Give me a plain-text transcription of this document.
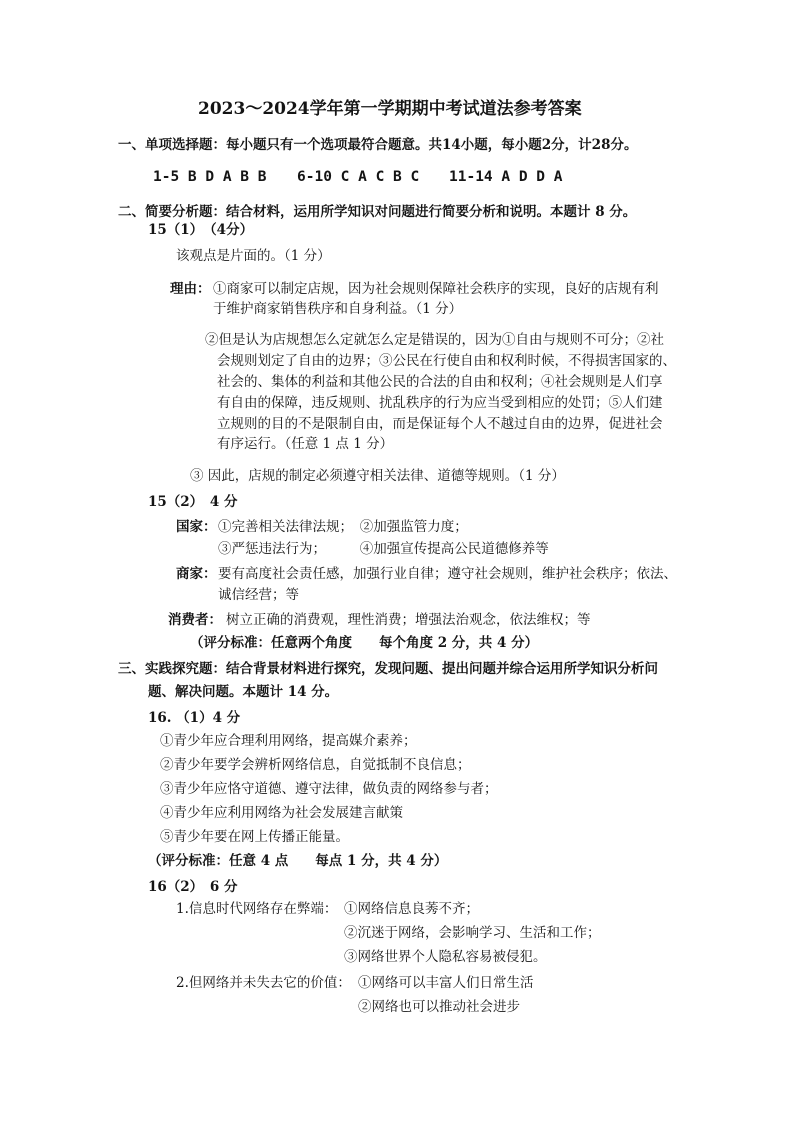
2023～2024学年第一学期期中考试道法参考答案
一、单项选择题：每小题只有一个选项最符合题意。共14小题，每小题2分，计28分。
1-5 B D A B B 6-10 C A C B C 11-14 A D D A
二、简要分析题：结合材料，运用所学知识对问题进行简要分析和说明。本题计 8 分。
15（1）　（4分）
该观点是片面的。（1 分）
理由： ①商家可以制定店规，因为社会规则保障社会秩序的实现，良好的店规有利
于维护商家销售秩序和自身利益。（1 分）
②但是认为店规想怎么定就怎么定是错误的，因为①自由与规则不可分；②社
会规则划定了自由的边界；③公民在行使自由和权利时候，不得损害国家的、
社会的、集体的利益和其他公民的合法的自由和权利；④社会规则是人们享
有自由的保障，违反规则、扰乱秩序的行为应当受到相应的处罚；⑤人们建
立规则的目的不是限制自由，而是保证每个人不越过自由的边界，促进社会
有序运行。（任意 1 点 1 分）
③ 因此，店规的制定必须遵守相关法律、道德等规则。（1 分）
15（2）　4 分
国家： ①完善相关法律法规；　②加强监管力度；
③严惩违法行为；　　　④加强宣传提高公民道德修养等
商家： 要有高度社会责任感，加强行业自律；遵守社会规则，维护社会秩序；依法、
诚信经营；等
消费者： 树立正确的消费观，理性消费；增强法治观念，依法维权；等
（评分标准：任意两个角度　　每个角度 2 分，共 4 分）
三、实践探究题：结合背景材料进行探究，发现问题、提出问题并综合运用所学知识分析问
题、解决问题。本题计 14 分。
16. （1）4 分
①青少年应合理利用网络，提高媒介素养；
②青少年要学会辨析网络信息，自觉抵制不良信息；
③青少年应恪守道德、遵守法律，做负责的网络参与者；
④青少年应利用网络为社会发展建言献策
⑤青少年要在网上传播正能量。
（评分标准：任意 4 点　　每点 1 分，共 4 分）
16（2）　6 分
1.信息时代网络存在弊端： ①网络信息良莠不齐；
②沉迷于网络，会影响学习、生活和工作；
③网络世界个人隐私容易被侵犯。
2.但网络并未失去它的价值： ①网络可以丰富人们日常生活
②网络也可以推动社会进步
